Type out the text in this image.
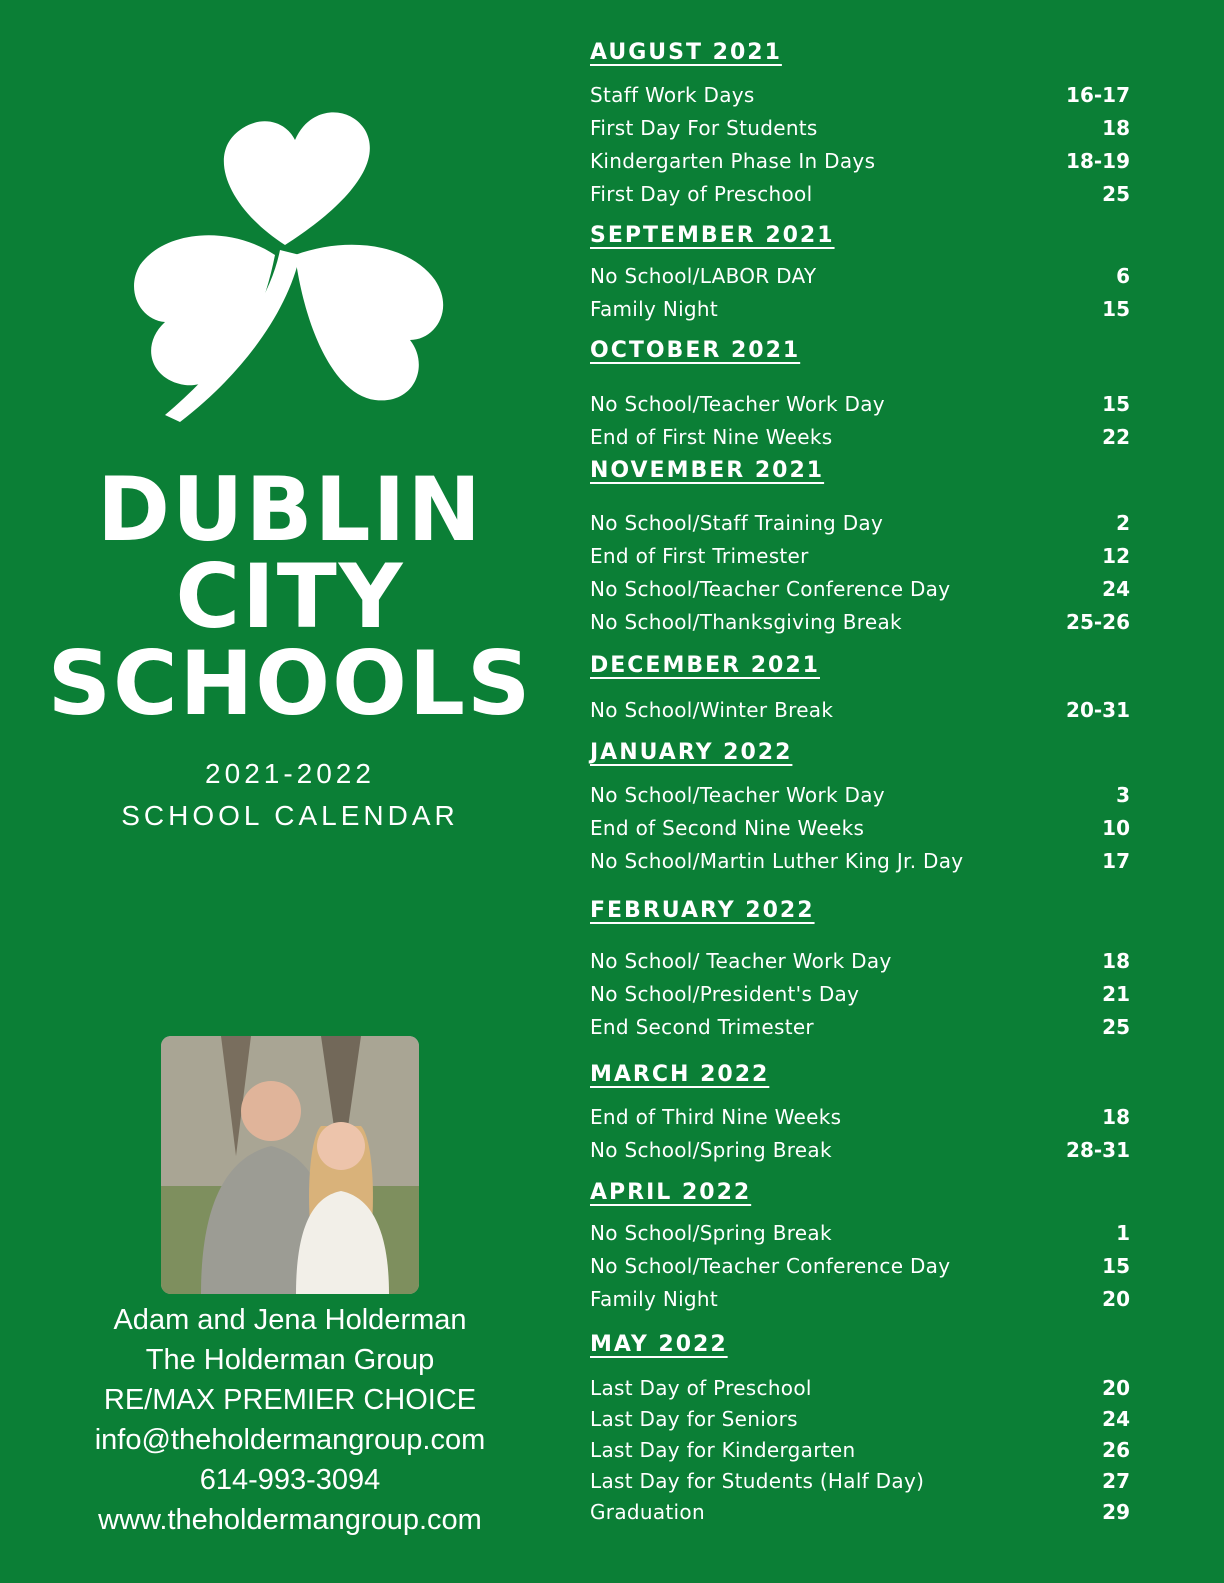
DUBLIN
CITY
SCHOOLS
2021-2022
SCHOOL CALENDAR
Adam and Jena Holderman
The Holderman Group
RE/MAX PREMIER CHOICE
info@theholdermangroup.com
614-993-3094
www.theholdermangroup.com
AUGUST 2021
Staff Work Days	16-17
First Day For Students	18
Kindergarten Phase In Days	18-19
First Day of Preschool	25
SEPTEMBER 2021
No School/LABOR DAY	6
Family Night	15
OCTOBER 2021
No School/Teacher Work Day	15
End of First Nine Weeks	22
NOVEMBER 2021
No School/Staff Training Day	2
End of First Trimester	12
No School/Teacher Conference Day	24
No School/Thanksgiving Break	25-26
DECEMBER 2021
No School/Winter Break	20-31
JANUARY 2022
No School/Teacher Work Day	3
End of Second Nine Weeks	10
No School/Martin Luther King Jr. Day	17
FEBRUARY 2022
No School/ Teacher Work Day	18
No School/President's Day	21
End Second Trimester	25
MARCH 2022
End of Third Nine Weeks	18
No School/Spring Break	28-31
APRIL 2022
No School/Spring Break	1
No School/Teacher Conference Day	15
Family Night	20
MAY 2022
Last Day of Preschool	20
Last Day for Seniors	24
Last Day for Kindergarten	26
Last Day for Students (Half Day)	27
Graduation	29
